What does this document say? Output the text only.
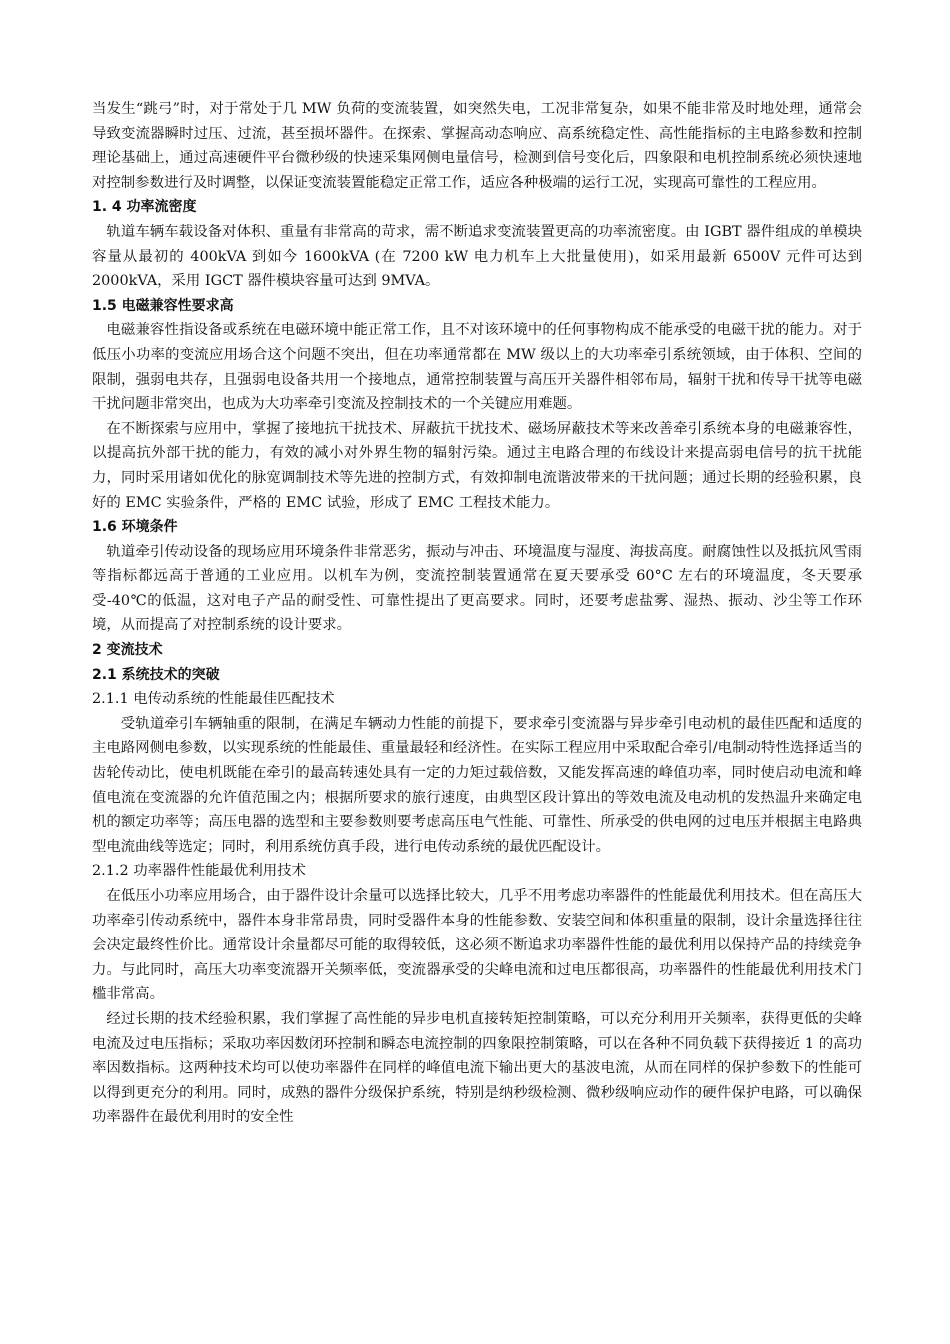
当发生“跳弓”时，对于常处于几 MW 负荷的变流装置，如突然失电，工况非常复杂，如果不能非常及时地处理，通常会导致变流器瞬时过压、过流，甚至损坏器件。在探索、掌握高动态响应、高系统稳定性、高性能指标的主电路参数和控制理论基础上，通过高速硬件平台微秒级的快速采集网侧电量信号，检测到信号变化后，四象限和电机控制系统必须快速地对控制参数进行及时调整，以保证变流装置能稳定正常工作，适应各种极端的运行工况，实现高可靠性的工程应用。

1. 4 功率流密度

轨道车辆车载设备对体积、重量有非常高的苛求，需不断追求变流装置更高的功率流密度。由 IGBT 器件组成的单模块容量从最初的 400kVA 到如今 1600kVA (在 7200 kW 电力机车上大批量使用)，如采用最新 6500V 元件可达到 2000kVA，采用 IGCT 器件模块容量可达到 9MVA。

1.5 电磁兼容性要求高

电磁兼容性指设备或系统在电磁环境中能正常工作，且不对该环境中的任何事物构成不能承受的电磁干扰的能力。对于低压小功率的变流应用场合这个问题不突出，但在功率通常都在 MW 级以上的大功率牵引系统领域，由于体积、空间的限制，强弱电共存，且强弱电设备共用一个接地点，通常控制装置与高压开关器件相邻布局，辐射干扰和传导干扰等电磁干扰问题非常突出，也成为大功率牵引变流及控制技术的一个关键应用难题。

在不断探索与应用中，掌握了接地抗干扰技术、屏蔽抗干扰技术、磁场屏蔽技术等来改善牵引系统本身的电磁兼容性，以提高抗外部干扰的能力，有效的减小对外界生物的辐射污染。通过主电路合理的布线设计来提高弱电信号的抗干扰能力，同时采用诸如优化的脉宽调制技术等先进的控制方式，有效抑制电流谐波带来的干扰问题；通过长期的经验积累，良好的 EMC 实验条件，严格的 EMC 试验，形成了 EMC 工程技术能力。

1.6 环境条件

轨道牵引传动设备的现场应用环境条件非常恶劣，振动与冲击、环境温度与湿度、海拔高度。耐腐蚀性以及抵抗风雪雨等指标都远高于普通的工业应用。以机车为例，变流控制装置通常在夏天要承受 60°C 左右的环境温度，冬天要承受-40℃的低温，这对电子产品的耐受性、可靠性提出了更高要求。同时，还要考虑盐雾、湿热、振动、沙尘等工作环境，从而提高了对控制系统的设计要求。

2 变流技术

2.1 系统技术的突破

2.1.1 电传动系统的性能最佳匹配技术

受轨道牵引车辆轴重的限制，在满足车辆动力性能的前提下，要求牵引变流器与异步牵引电动机的最佳匹配和适度的主电路网侧电参数，以实现系统的性能最佳、重量最轻和经济性。在实际工程应用中采取配合牵引/电制动特性选择适当的齿轮传动比，使电机既能在牵引的最高转速处具有一定的力矩过载倍数，又能发挥高速的峰值功率，同时使启动电流和峰值电流在变流器的允许值范围之内；根据所要求的旅行速度，由典型区段计算出的等效电流及电动机的发热温升来确定电机的额定功率等；高压电器的选型和主要参数则要考虑高压电气性能、可靠性、所承受的供电网的过电压并根据主电路典型电流曲线等选定；同时，利用系统仿真手段，进行电传动系统的最优匹配设计。

2.1.2 功率器件性能最优利用技术

在低压小功率应用场合，由于器件设计余量可以选择比较大，几乎不用考虑功率器件的性能最优利用技术。但在高压大功率牵引传动系统中，器件本身非常昂贵，同时受器件本身的性能参数、安装空间和体积重量的限制，设计余量选择往往会决定最终性价比。通常设计余量都尽可能的取得较低，这必须不断追求功率器件性能的最优利用以保持产品的持续竞争力。与此同时，高压大功率变流器开关频率低，变流器承受的尖峰电流和过电压都很高，功率器件的性能最优利用技术门槛非常高。

经过长期的技术经验积累，我们掌握了高性能的异步电机直接转矩控制策略，可以充分利用开关频率，获得更低的尖峰电流及过电压指标；采取功率因数闭环控制和瞬态电流控制的四象限控制策略，可以在各种不同负载下获得接近 1 的高功率因数指标。这两种技术均可以使功率器件在同样的峰值电流下输出更大的基波电流，从而在同样的保护参数下的性能可以得到更充分的利用。同时，成熟的器件分级保护系统，特别是纳秒级检测、微秒级响应动作的硬件保护电路，可以确保功率器件在最优利用时的安全性
